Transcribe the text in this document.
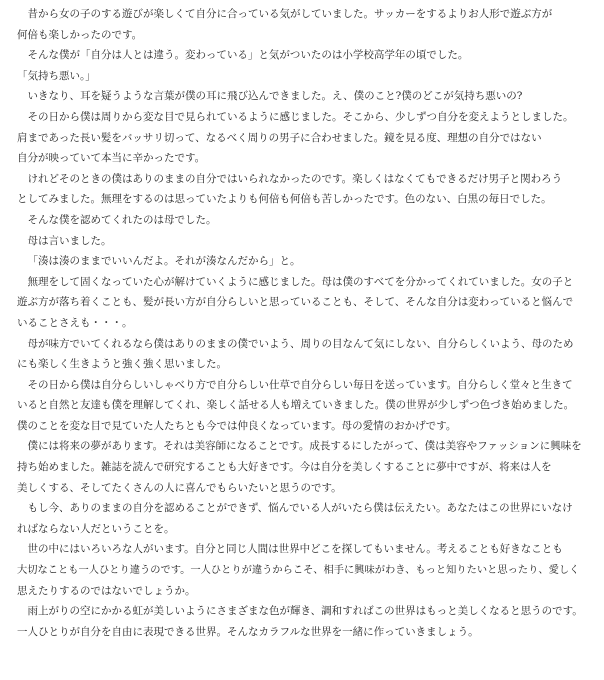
昔から女の子のする遊びが楽しくて自分に合っている気がしていました。サッカーをするよりお人形で遊ぶ方が

何倍も楽しかったのです。

そんな僕が「自分は人とは違う。変わっている」と気がついたのは小学校高学年の頃でした。

「気持ち悪い。」

いきなり、耳を疑うような言葉が僕の耳に飛び込んできました。え、僕のこと?僕のどこが気持ち悪いの?

その日から僕は周りから変な目で見られているように感じました。そこから、少しずつ自分を変えようとしました。

肩まであった長い髪をバッサリ切って、なるべく周りの男子に合わせました。鏡を見る度、理想の自分ではない

自分が映っていて本当に辛かったです。

けれどそのときの僕はありのままの自分ではいられなかったのです。楽しくはなくてもできるだけ男子と関わろう

としてみました。無理をするのは思っていたよりも何倍も何倍も苦しかったです。色のない、白黒の毎日でした。

そんな僕を認めてくれたのは母でした。

母は言いました。

「湊は湊のままでいいんだよ。それが湊なんだから」と。

無理をして固くなっていた心が解けていくように感じました。母は僕のすべてを分かってくれていました。女の子と

遊ぶ方が落ち着くことも、髪が長い方が自分らしいと思っていることも、そして、そんな自分は変わっていると悩んで

いることさえも・・・。

母が味方でいてくれるなら僕はありのままの僕でいよう、周りの目なんて気にしない、自分らしくいよう、母のため

にも楽しく生きようと強く強く思いました。

その日から僕は自分らしいしゃべり方で自分らしい仕草で自分らしい毎日を送っています。自分らしく堂々と生きて

いると自然と友達も僕を理解してくれ、楽しく話せる人も増えていきました。僕の世界が少しずつ色づき始めました。

僕のことを変な目で見ていた人たちとも今では仲良くなっています。母の愛情のおかげです。

僕には将来の夢があります。それは美容師になることです。成長するにしたがって、僕は美容やファッションに興味を

持ち始めました。雑誌を読んで研究することも大好きです。今は自分を美しくすることに夢中ですが、将来は人を

美しくする、そしてたくさんの人に喜んでもらいたいと思うのです。

もし今、ありのままの自分を認めることができず、悩んでいる人がいたら僕は伝えたい。あなたはこの世界にいなけ

ればならない人だということを。

世の中にはいろいろな人がいます。自分と同じ人間は世界中どこを探してもいません。考えることも好きなことも

大切なことも一人ひとり違うのです。一人ひとりが違うからこそ、相手に興味がわき、もっと知りたいと思ったり、愛しく

思えたりするのではないでしょうか。

雨上がりの空にかかる虹が美しいようにさまざまな色が輝き、調和すればこの世界はもっと美しくなると思うのです。

一人ひとりが自分を自由に表現できる世界。そんなカラフルな世界を一緒に作っていきましょう。
